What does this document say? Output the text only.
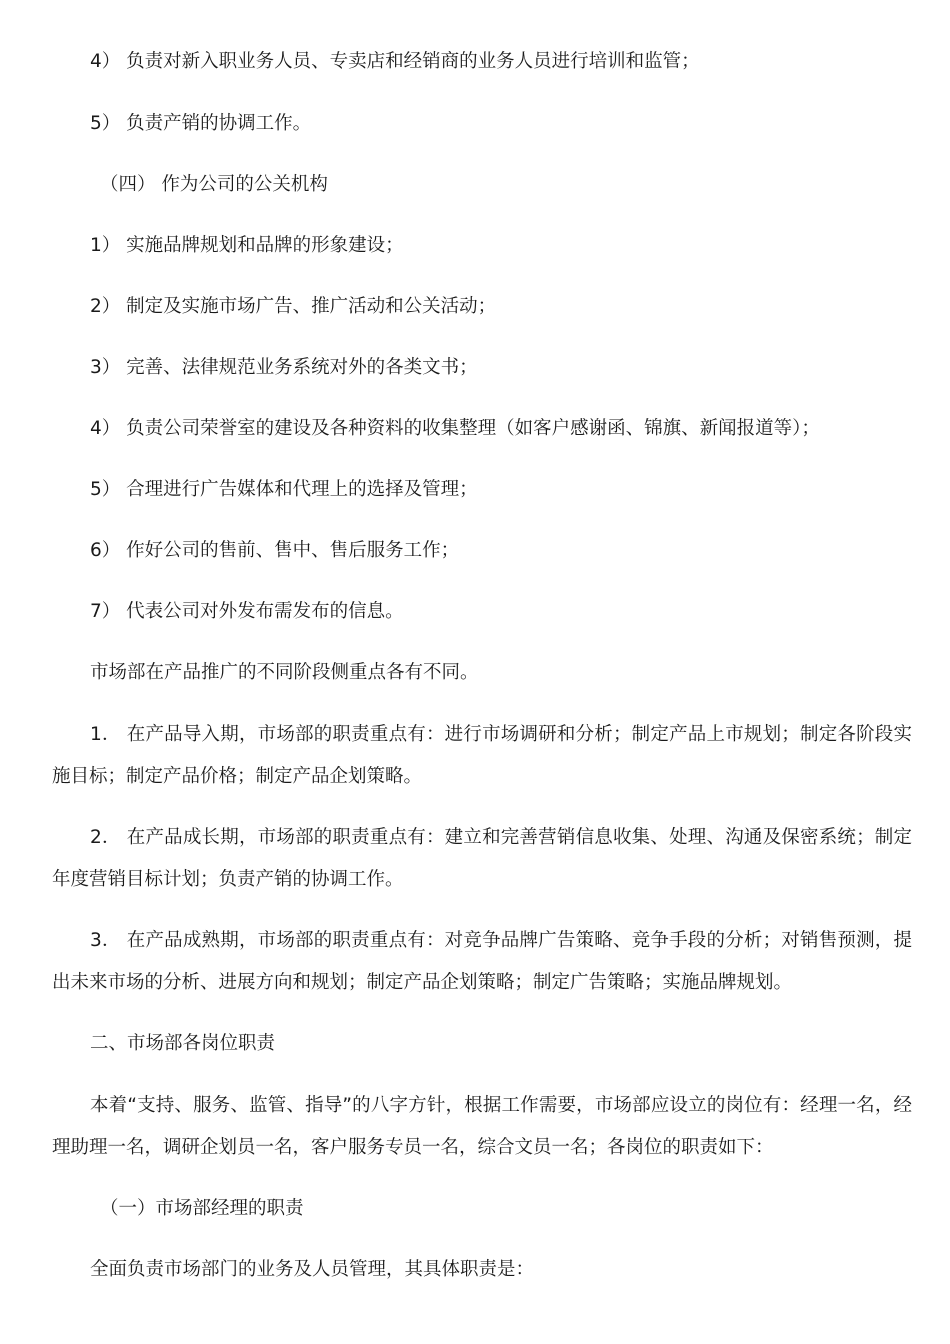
4） 负责对新入职业务人员、专卖店和经销商的业务人员进行培训和监管；
5） 负责产销的协调工作。
（四） 作为公司的公关机构
1） 实施品牌规划和品牌的形象建设；
2） 制定及实施市场广告、推广活动和公关活动；
3） 完善、法律规范业务系统对外的各类文书；
4） 负责公司荣誉室的建设及各种资料的收集整理（如客户感谢函、锦旗、新闻报道等）；
5） 合理进行广告媒体和代理上的选择及管理；
6） 作好公司的售前、售中、售后服务工作；
7） 代表公司对外发布需发布的信息。
市场部在产品推广的不同阶段侧重点各有不同。
1． 在产品导入期，市场部的职责重点有：进行市场调研和分析；制定产品上市规划；制定各阶段实施目标；制定产品价格；制定产品企划策略。
2． 在产品成长期，市场部的职责重点有：建立和完善营销信息收集、处理、沟通及保密系统；制定年度营销目标计划；负责产销的协调工作。
3． 在产品成熟期，市场部的职责重点有：对竞争品牌广告策略、竞争手段的分析；对销售预测，提出未来市场的分析、进展方向和规划；制定产品企划策略；制定广告策略；实施品牌规划。
二、市场部各岗位职责
本着“支持、服务、监管、指导”的八字方针，根据工作需要，市场部应设立的岗位有：经理一名，经理助理一名，调研企划员一名，客户服务专员一名，综合文员一名；各岗位的职责如下：
（一）市场部经理的职责
全面负责市场部门的业务及人员管理，其具体职责是：
